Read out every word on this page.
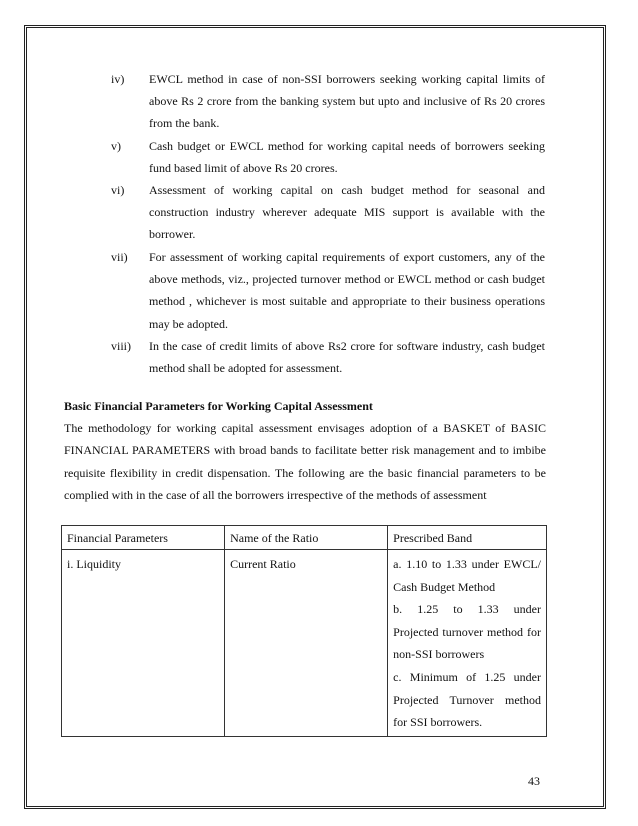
iv) EWCL method in case of non-SSI borrowers seeking working capital limits of above Rs 2 crore from the banking system but upto and inclusive of Rs 20 crores from the bank.
v) Cash budget or EWCL method for working capital needs of borrowers seeking fund based limit of above Rs 20 crores.
vi) Assessment of working capital on cash budget method for seasonal and construction industry wherever adequate MIS support is available with the borrower.
vii) For assessment of working capital requirements of export customers, any of the above methods, viz., projected turnover method or EWCL method or cash budget method , whichever is most suitable and appropriate to their business operations may be adopted.
viii) In the case of credit limits of above Rs2 crore for software industry, cash budget method shall be adopted for assessment.
Basic Financial Parameters for Working Capital Assessment
The methodology for working capital assessment envisages adoption of a BASKET of BASIC FINANCIAL PARAMETERS with broad bands to facilitate better risk management and to imbibe requisite flexibility in credit dispensation. The following are the basic financial parameters to be complied with in the case of all the borrowers irrespective of the methods of assessment
Financial Parameters	Name of the Ratio	Prescribed Band
i. Liquidity	Current Ratio	a. 1.10 to 1.33 under EWCL/ Cash Budget Method
b. 1.25 to 1.33 under Projected turnover method for non-SSI borrowers
c. Minimum of 1.25 under Projected Turnover method for SSI borrowers.
43
